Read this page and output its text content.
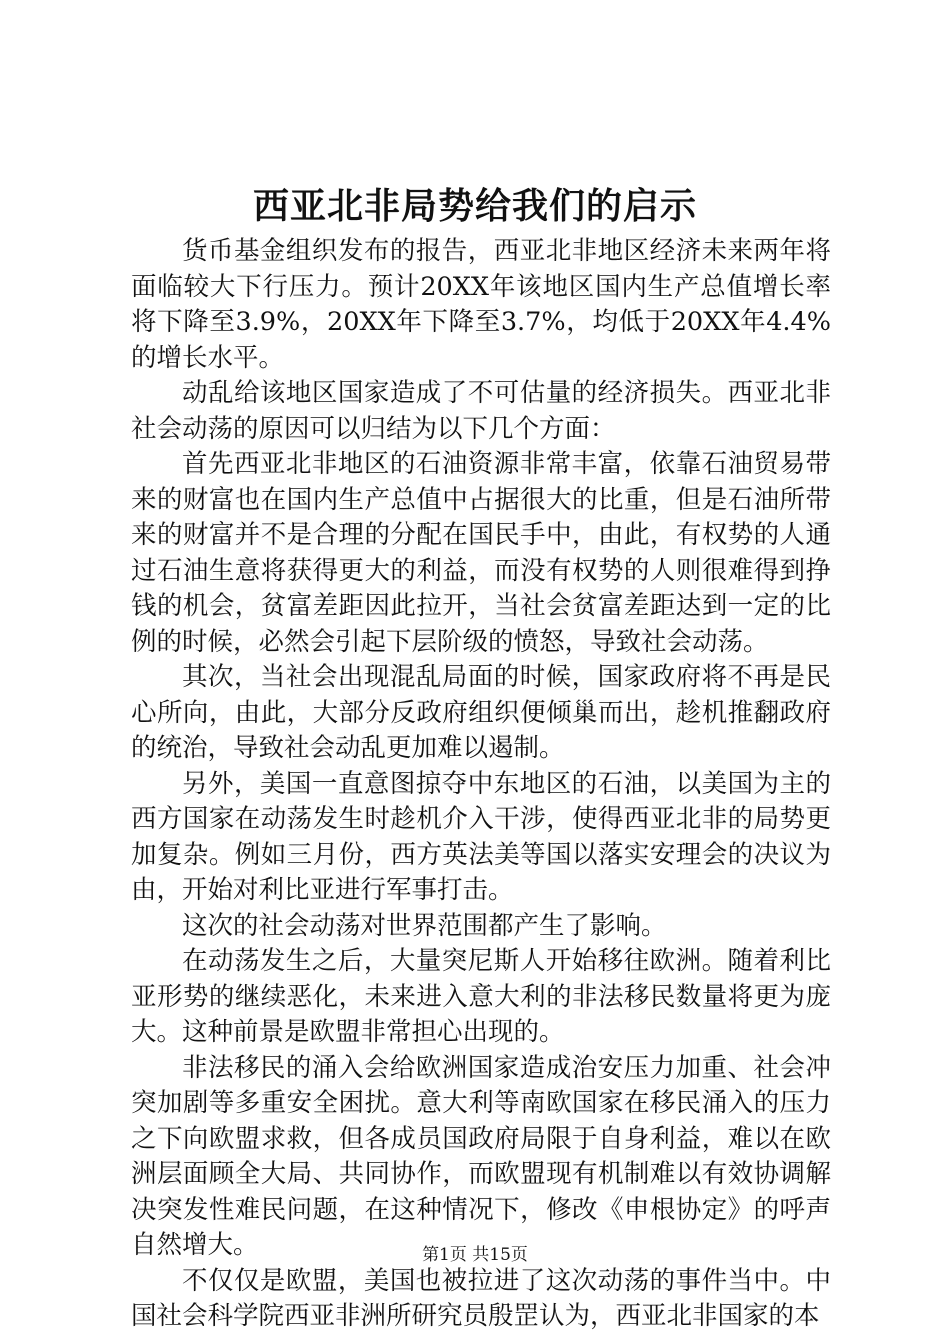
西亚北非局势给我们的启示

货币基金组织发布的报告，西亚北非地区经济未来两年将面临较大下行压力。预计20XX年该地区国内生产总值增长率将下降至3.9%，20XX年下降至3.7%，均低于20XX年4.4%的增长水平。

动乱给该地区国家造成了不可估量的经济损失。西亚北非社会动荡的原因可以归结为以下几个方面：

首先西亚北非地区的石油资源非常丰富，依靠石油贸易带来的财富也在国内生产总值中占据很大的比重，但是石油所带来的财富并不是合理的分配在国民手中，由此，有权势的人通过石油生意将获得更大的利益，而没有权势的人则很难得到挣钱的机会，贫富差距因此拉开，当社会贫富差距达到一定的比例的时候，必然会引起下层阶级的愤怒，导致社会动荡。

其次，当社会出现混乱局面的时候，国家政府将不再是民心所向，由此，大部分反政府组织便倾巢而出，趁机推翻政府的统治，导致社会动乱更加难以遏制。

另外，美国一直意图掠夺中东地区的石油，以美国为主的西方国家在动荡发生时趁机介入干涉，使得西亚北非的局势更加复杂。例如三月份，西方英法美等国以落实安理会的决议为由，开始对利比亚进行军事打击。

这次的社会动荡对世界范围都产生了影响。

在动荡发生之后，大量突尼斯人开始移往欧洲。随着利比亚形势的继续恶化，未来进入意大利的非法移民数量将更为庞大。这种前景是欧盟非常担心出现的。

非法移民的涌入会给欧洲国家造成治安压力加重、社会冲突加剧等多重安全困扰。意大利等南欧国家在移民涌入的压力之下向欧盟求救，但各成员国政府局限于自身利益，难以在欧洲层面顾全大局、共同协作，而欧盟现有机制难以有效协调解决突发性难民问题，在这种情况下，修改《申根协定》的呼声自然增大。

不仅仅是欧盟，美国也被拉进了这次动荡的事件当中。中国社会科学院西亚非洲所研究员殷罡认为，西亚北非国家的本

第1页 共15页
